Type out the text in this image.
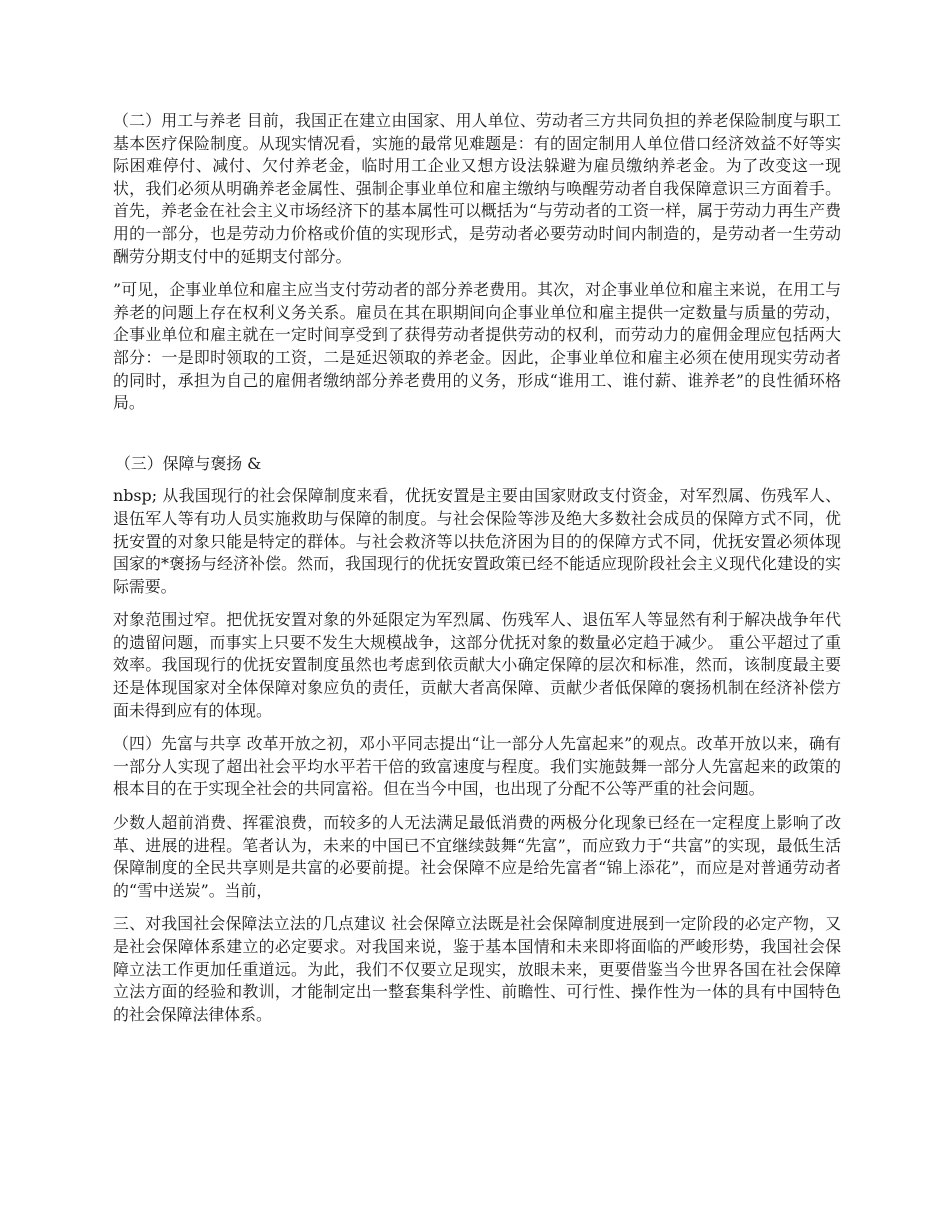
（二）用工与养老 目前，我国正在建立由国家、用人单位、劳动者三方共同负担的养老保险制度与职工基本医疗保险制度。从现实情况看，实施的最常见难题是：有的固定制用人单位借口经济效益不好等实际困难停付、减付、欠付养老金，临时用工企业又想方设法躲避为雇员缴纳养老金。为了改变这一现状，我们必须从明确养老金属性、强制企事业单位和雇主缴纳与唤醒劳动者自我保障意识三方面着手。首先，养老金在社会主义市场经济下的基本属性可以概括为“与劳动者的工资一样，属于劳动力再生产费用的一部分，也是劳动力价格或价值的实现形式，是劳动者必要劳动时间内制造的，是劳动者一生劳动酬劳分期支付中的延期支付部分。

”可见，企事业单位和雇主应当支付劳动者的部分养老费用。其次，对企事业单位和雇主来说，在用工与养老的问题上存在权利义务关系。雇员在其在职期间向企事业单位和雇主提供一定数量与质量的劳动，企事业单位和雇主就在一定时间享受到了获得劳动者提供劳动的权利，而劳动力的雇佣金理应包括两大部分：一是即时领取的工资，二是延迟领取的养老金。因此，企事业单位和雇主必须在使用现实劳动者的同时，承担为自己的雇佣者缴纳部分养老费用的义务，形成“谁用工、谁付薪、谁养老”的良性循环格局。

（三）保障与褒扬 &

nbsp; 从我国现行的社会保障制度来看，优抚安置是主要由国家财政支付资金，对军烈属、伤残军人、退伍军人等有功人员实施救助与保障的制度。与社会保险等涉及绝大多数社会成员的保障方式不同，优抚安置的对象只能是特定的群体。与社会救济等以扶危济困为目的的保障方式不同，优抚安置必须体现国家的*褒扬与经济补偿。然而，我国现行的优抚安置政策已经不能适应现阶段社会主义现代化建设的实际需要。

对象范围过窄。把优抚安置对象的外延限定为军烈属、伤残军人、退伍军人等显然有利于解决战争年代的遗留问题，而事实上只要不发生大规模战争，这部分优抚对象的数量必定趋于减少。 重公平超过了重效率。我国现行的优抚安置制度虽然也考虑到依贡献大小确定保障的层次和标准，然而，该制度最主要还是体现国家对全体保障对象应负的责任，贡献大者高保障、贡献少者低保障的褒扬机制在经济补偿方面未得到应有的体现。

（四）先富与共享 改革开放之初，邓小平同志提出“让一部分人先富起来”的观点。改革开放以来，确有一部分人实现了超出社会平均水平若干倍的致富速度与程度。我们实施鼓舞一部分人先富起来的政策的根本目的在于实现全社会的共同富裕。但在当今中国，也出现了分配不公等严重的社会问题。

少数人超前消费、挥霍浪费，而较多的人无法满足最低消费的两极分化现象已经在一定程度上影响了改革、进展的进程。笔者认为，未来的中国已不宜继续鼓舞“先富”，而应致力于“共富”的实现，最低生活保障制度的全民共享则是共富的必要前提。社会保障不应是给先富者“锦上添花”，而应是对普通劳动者的“雪中送炭”。当前，

三、对我国社会保障法立法的几点建议 社会保障立法既是社会保障制度进展到一定阶段的必定产物，又是社会保障体系建立的必定要求。对我国来说，鉴于基本国情和未来即将面临的严峻形势，我国社会保障立法工作更加任重道远。为此，我们不仅要立足现实，放眼未来，更要借鉴当今世界各国在社会保障立法方面的经验和教训，才能制定出一整套集科学性、前瞻性、可行性、操作性为一体的具有中国特色的社会保障法律体系。
